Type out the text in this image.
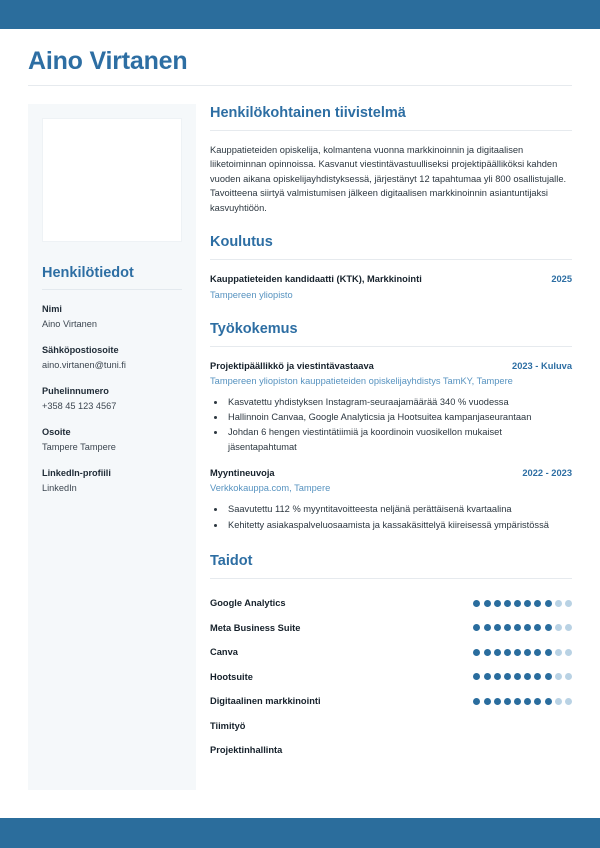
Aino Virtanen
Henkilötiedot
Nimi
Aino Virtanen
Sähköpostiosoite
aino.virtanen@tuni.fi
Puhelinnumero
+358 45 123 4567
Osoite
Tampere Tampere
LinkedIn-profiili
LinkedIn
Henkilökohtainen tiivistelmä

Kauppatieteiden opiskelija, kolmantena vuonna markkinoinnin ja digitaalisen liiketoiminnan opinnoissa. Kasvanut viestintävastuulliseksi projektipäälliköksi kahden vuoden aikana opiskelijayhdistyksessä, järjestänyt 12 tapahtumaa yli 800 osallistujalle. Tavoitteena siirtyä valmistumisen jälkeen digitaalisen markkinoinnin asiantuntijaksi kasvuyhtiöön.

Koulutus
Kauppatieteiden kandidaatti (KTK), Markkinointi	2025
Tampereen yliopisto
Työkokemus
Projektipäällikkö ja viestintävastaava	2023 - Kuluva
Tampereen yliopiston kauppatieteiden opiskelijayhdistys TamKY, Tampere
• Kasvatettu yhdistyksen Instagram-seuraajamäärää 340 % vuodessa
• Hallinnoin Canvaa, Google Analyticsia ja Hootsuitea kampanjaseurantaan
• Johdan 6 hengen viestintätiimiä ja koordinoin vuosikellon mukaiset jäsentapahtumat
Myyntineuvoja	2022 - 2023
Verkkokauppa.com, Tampere
• Saavutettu 112 % myyntitavoitteesta neljänä perättäisenä kvartaalina
• Kehitetty asiakaspalveluosaamista ja kassakäsittelyä kiireisessä ympäristössä
Taidot
Google Analytics
Meta Business Suite
Canva
Hootsuite
Digitaalinen markkinointi
Tiimityö
Projektinhallinta
